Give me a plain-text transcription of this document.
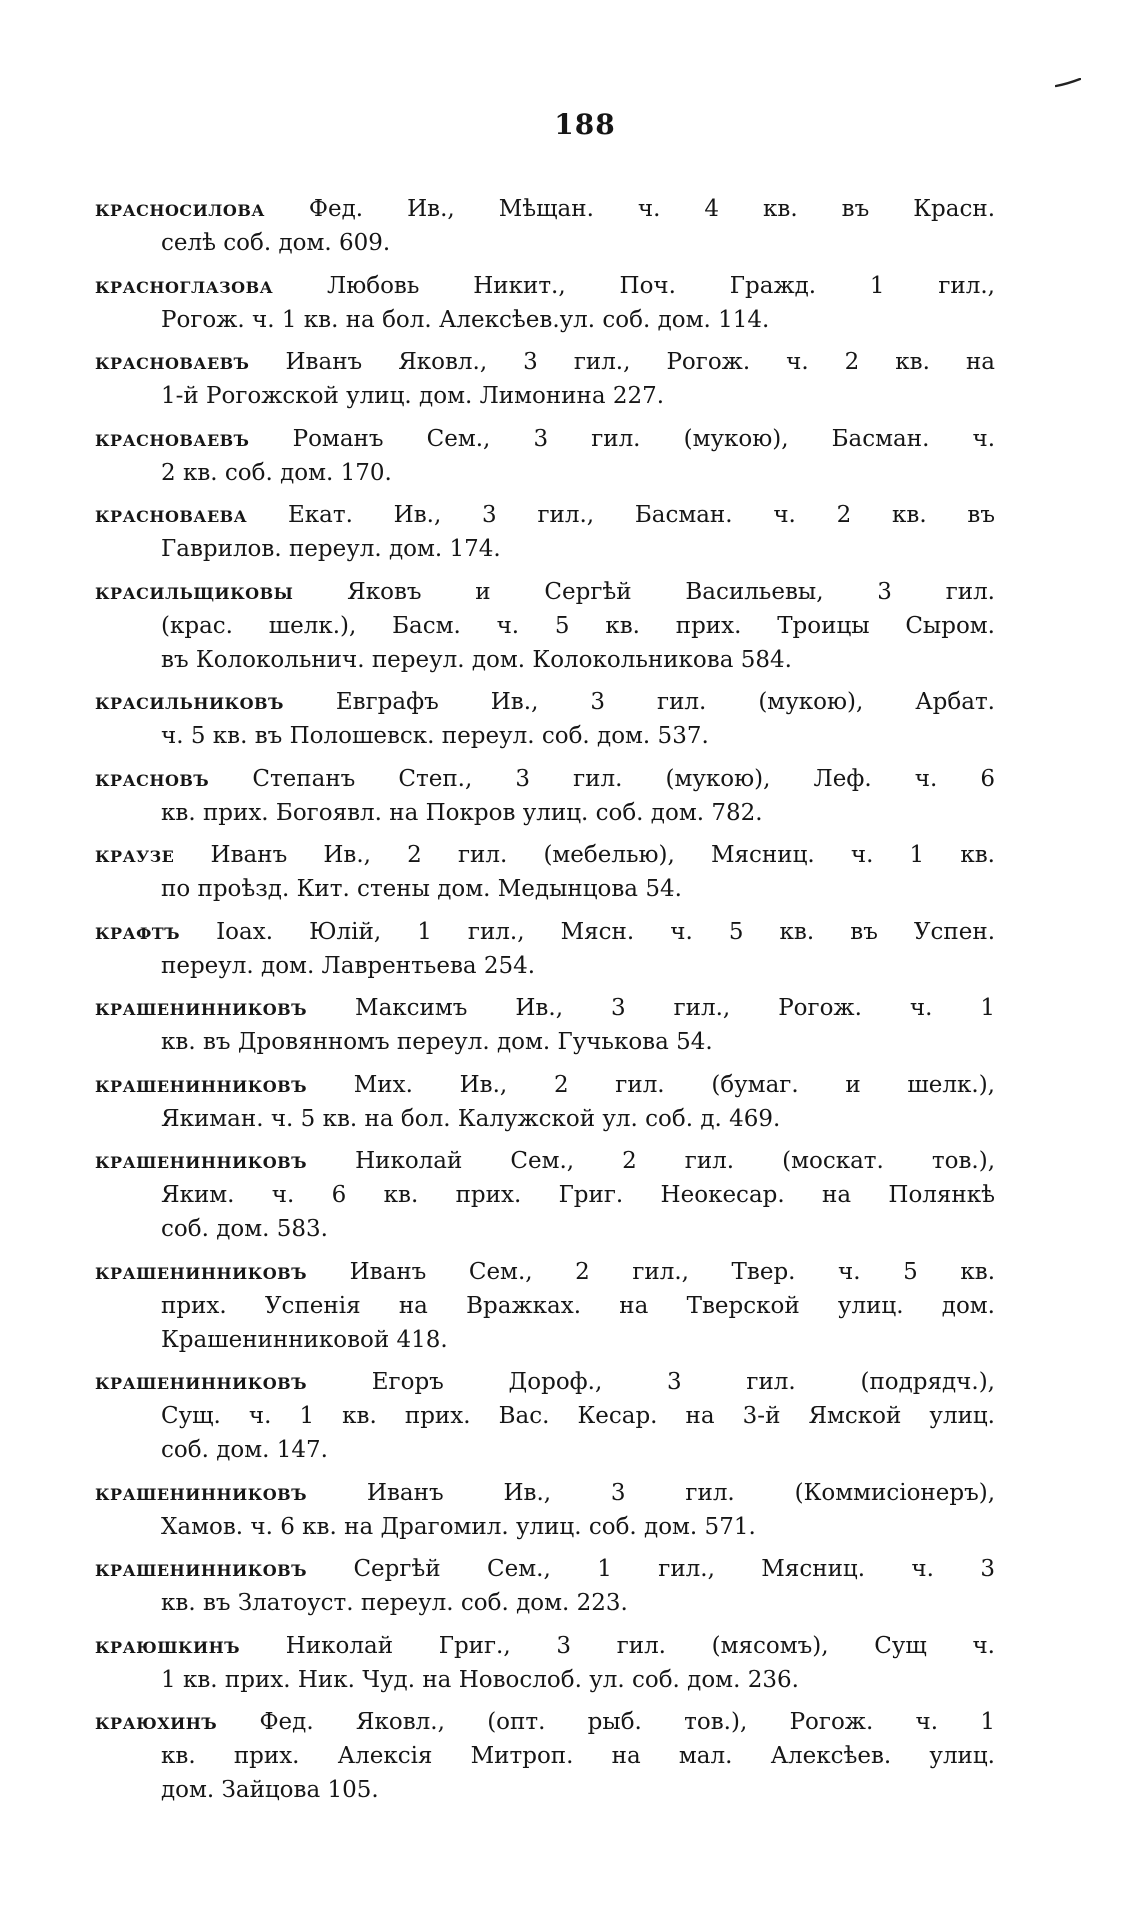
188
красносилова Фед. Ив., Мѣщан. ч. 4 кв. въ Красн.
селѣ соб. дом. 609.
красноглазова Любовь Никит., Поч. Гражд. 1 гил.,
Рогож. ч. 1 кв. на бол. Алексѣев.ул. соб. дом. 114.
красноваевъ Иванъ Яковл., 3 гил., Рогож. ч. 2 кв. на
1-й Рогожской улиц. дом. Лимонина 227.
красноваевъ Романъ Сем., 3 гил. (мукою), Басман. ч.
2 кв. соб. дом. 170.
красноваева Екат. Ив., 3 гил., Басман. ч. 2 кв. въ
Гаврилов. переул. дом. 174.
красильщиковы Яковъ и Сергѣй Васильевы, 3 гил.
(крас. шелк.), Басм. ч. 5 кв. прих. Троицы Сыром.
въ Колокольнич. переул. дом. Колокольникова 584.
красильниковъ Евграфъ Ив., 3 гил. (мукою), Арбат.
ч. 5 кв. въ Полошевск. переул. соб. дом. 537.
красновъ Степанъ Степ., 3 гил. (мукою), Леф. ч. 6
кв. прих. Богоявл. на Покров улиц. соб. дом. 782.
краузе Иванъ Ив., 2 гил. (мебелью), Мясниц. ч. 1 кв.
по проѣзд. Кит. стены дом. Медынцова 54.
крафтъ Іоах. Юлій, 1 гил., Мясн. ч. 5 кв. въ Успен.
переул. дом. Лаврентьева 254.
крашенинниковъ Максимъ Ив., 3 гил., Рогож. ч. 1
кв. въ Дровянномъ переул. дом. Гучькова 54.
крашенинниковъ Мих. Ив., 2 гил. (бумаг. и шелк.),
Якиман. ч. 5 кв. на бол. Калужской ул. соб. д. 469.
крашенинниковъ Николай Сем., 2 гил. (москат. тов.),
Яким. ч. 6 кв. прих. Григ. Неокесар. на Полянкѣ
соб. дом. 583.
крашенинниковъ Иванъ Сем., 2 гил., Твер. ч. 5 кв.
прих. Успенія на Вражках. на Тверской улиц. дом.
Крашенинниковой 418.
крашенинниковъ	Егоръ Дороф., 3 гил. (подрядч.),
Сущ. ч. 1 кв. прих. Вас. Кесар. на 3-й Ямской улиц.
соб. дом. 147.
крашенинниковъ	Иванъ Ив., 3 гил. (Коммисіонеръ),
Хамов. ч. 6 кв. на Драгомил. улиц. соб. дом. 571.
крашенинниковъ Сергѣй Сем., 1 гил., Мясниц. ч. 3
кв. въ Златоуст. переул. соб. дом. 223.
краюшкинъ Николай Григ., 3 гил. (мясомъ), Сущ ч.
1 кв. прих. Ник. Чуд. на Новослоб. ул. соб. дом. 236.
краюхинъ Фед. Яковл., (опт. рыб. тов.), Рогож. ч. 1
кв. прих. Алексія Митроп. на мал. Алексѣев. улиц.
дом. Зайцова 105.
